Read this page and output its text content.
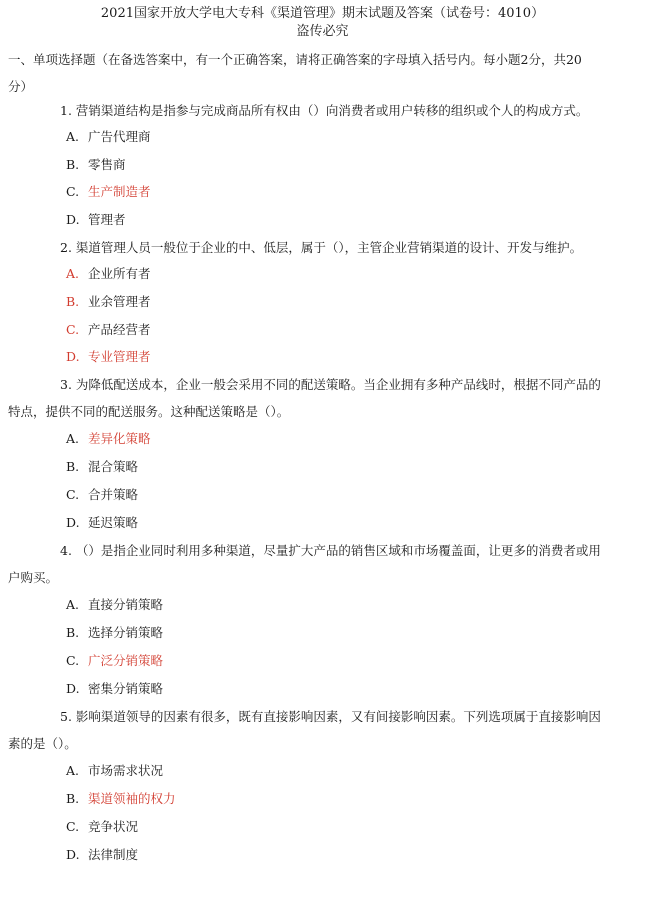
2021国家开放大学电大专科《渠道管理》期末试题及答案（试卷号：4010）
盗传必究
一、单项选择题（在备选答案中，有一个正确答案，请将正确答案的字母填入括号内。每小题2分，共20分）
1. 营销渠道结构是指参与完成商品所有权由（）向消费者或用户转移的组织或个人的构成方式。
A. 广告代理商
B. 零售商
C. 生产制造者
D. 管理者
2. 渠道管理人员一般位于企业的中、低层，属于（），主管企业营销渠道的设计、开发与维护。
A. 企业所有者
B. 业余管理者
C. 产品经营者
D. 专业管理者
3. 为降低配送成本，企业一般会采用不同的配送策略。当企业拥有多种产品线时，根据不同产品的特点，提供不同的配送服务。这种配送策略是（）。
A. 差异化策略
B. 混合策略
C. 合并策略
D. 延迟策略
4. （）是指企业同时利用多种渠道，尽量扩大产品的销售区域和市场覆盖面，让更多的消费者或用户购买。
A. 直接分销策略
B. 选择分销策略
C. 广泛分销策略
D. 密集分销策略
5. 影响渠道领导的因素有很多，既有直接影响因素，又有间接影响因素。下列选项属于直接影响因素的是（）。
A. 市场需求状况
B. 渠道领袖的权力
C. 竞争状况
D. 法律制度
